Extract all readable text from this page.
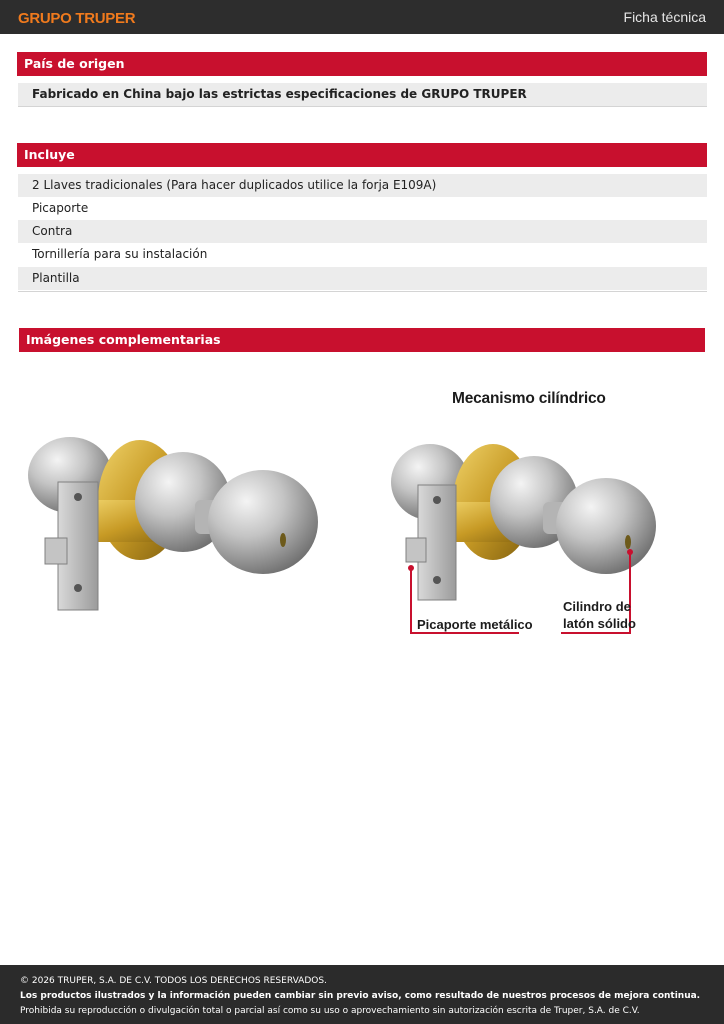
GRUPO TRUPER	Ficha técnica
País de origen
Fabricado en China bajo las estrictas especificaciones de GRUPO TRUPER
Incluye
2 Llaves tradicionales (Para hacer duplicados utilice la forja E109A)
Picaporte
Contra
Tornillería para su instalación
Plantilla
Imágenes complementarias
Mecanismo cilíndrico
Picaporte metálico
Cilindro de
latón sólido
© 2026 TRUPER, S.A. DE C.V. TODOS LOS DERECHOS RESERVADOS.
Los productos ilustrados y la información pueden cambiar sin previo aviso, como resultado de nuestros procesos de mejora continua.
Prohibida su reproducción o divulgación total o parcial así como su uso o aprovechamiento sin autorización escrita de Truper, S.A. de C.V.
